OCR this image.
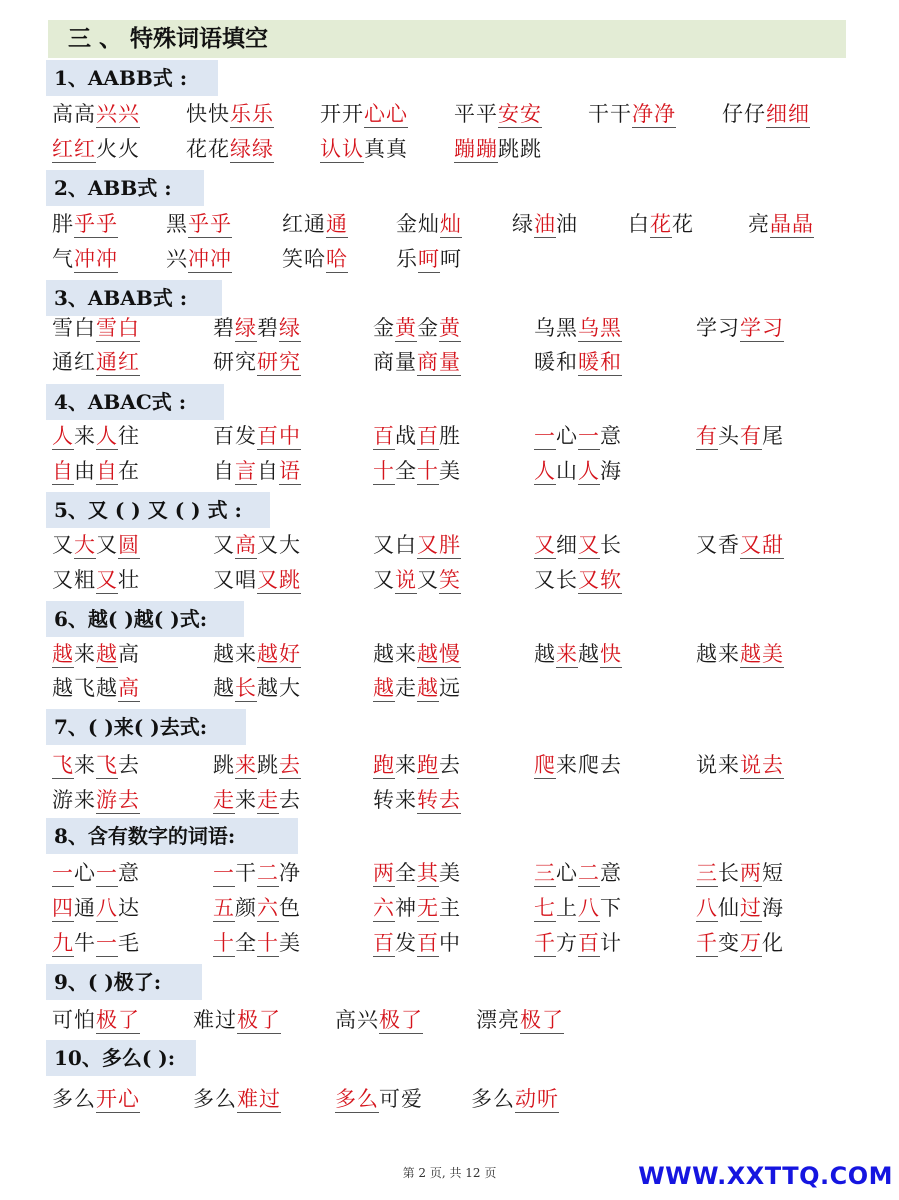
三 、 特殊词语填空
1、AABB式 :
高高兴兴 快快乐乐 开开心心 平平安安 干干净净 仔仔细细
红红火火 花花绿绿 认认真真 蹦蹦跳跳
2、ABB式 :
胖乎乎 黑乎乎 红通通 金灿灿 绿油油 白花花	亮晶晶
气冲冲 兴冲冲 笑哈哈 乐呵呵
3、ABAB式 :
雪白雪白	碧绿碧绿	金黄金黄	乌黑乌黑	学习学习
通红通红	研究研究	商量商量	暖和暖和
4、ABAC式 :
人来人往	百发百中	百战百胜	一心一意	有头有尾
自由自在	自言自语	十全十美	人山人海
5、又 ( ) 又 ( ) 式 :
又大又圆	又高又大	又白又胖	又细又长	又香又甜
又粗又壮	又唱又跳	又说又笑	又长又软
6、越( )越( )式:
越来越高	越来越好	越来越慢	越来越快	越来越美
越飞越高	越长越大	越走越远
7、( )来( )去式:
飞来飞去	跳来跳去	跑来跑去	爬来爬去	说来说去
游来游去	走来走去	转来转去
8、含有数字的词语:
一心一意	一干二净	两全其美	三心二意	三长两短
四通八达	五颜六色	六神无主	七上八下	八仙过海
九牛一毛	十全十美	百发百中	千方百计	千变万化
9、( )极了:
可怕极了	难过极了	高兴极了	漂亮极了
10、多么( ):
多么开心	多么难过	多么可爱 多么动听
第 2 页, 共 12 页	WWW.XXTTQ.COM
